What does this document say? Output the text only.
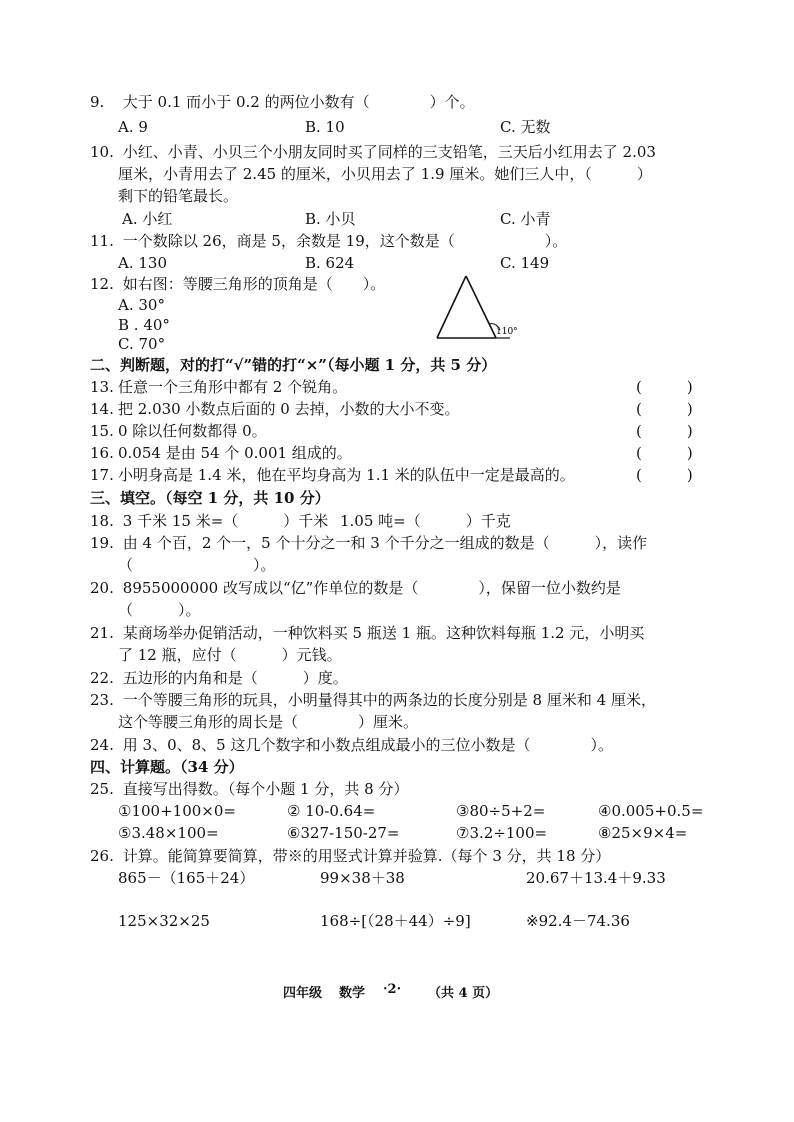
9. 大于 0.1 而小于 0.2 的两位小数有（　　　　）个。
A. 9	B. 10	C. 无数
10. 小红、小青、小贝三个小朋友同时买了同样的三支铅笔，三天后小红用去了 2.03
厘米，小青用去了 2.45 的厘米，小贝用去了 1.9 厘米。她们三人中，（　　　）
剩下的铅笔最长。
A. 小红	B. 小贝	C. 小青
11. 一个数除以 26，商是 5，余数是 19，这个数是（　　　　　　）。
A. 130	B. 624	C. 149
12. 如右图：等腰三角形的顶角是（　　）。
A. 30°
B . 40°
C. 70°
110°
二、判断题，对的打“√”错的打“×”（每小题 1 分，共 5 分）
13. 任意一个三角形中都有 2 个锐角。	(　　　)
14. 把 2.030 小数点后面的 0 去掉，小数的大小不变。	(　　　)
15. 0 除以任何数都得 0。	(　　　)
16. 0.054 是由 54 个 0.001 组成的。	(　　　)
17. 小明身高是 1.4 米，他在平均身高为 1.1 米的队伍中一定是最高的。	(　　　)
三、填空。（每空 1 分，共 10 分）
18. 3 千米 15 米=（　　　）千米 1.05 吨=（　　　）千克
19. 由 4 个百，2 个一，5 个十分之一和 3 个千分之一组成的数是（　　　），读作
（　　　　　　　　）。
20. 8955000000 改写成以“亿”作单位的数是（　　　　），保留一位小数约是
（　　　）。
21. 某商场举办促销活动，一种饮料买 5 瓶送 1 瓶。这种饮料每瓶 1.2 元，小明买
了 12 瓶，应付（　　　）元钱。
22. 五边形的内角和是（　　　）度。
23. 一个等腰三角形的玩具，小明量得其中的两条边的长度分别是 8 厘米和 4 厘米，
这个等腰三角形的周长是（　　　　）厘米。
24. 用 3、0、8、5 这几个数字和小数点组成最小的三位小数是（　　　　）。
四、计算题。（34 分）
25. 直接写出得数。（每个小题 1 分，共 8 分）
①100+100×0=	② 10-0.64=	③80÷5+2=	④0.005+0.5=
⑤3.48×100=	⑥327-150-27=	⑦3.2÷100=	⑧25×9×4=
26. 计算。能简算要简算，带※的用竖式计算并验算.（每个 3 分，共 18 分）
865－（165＋24）	99×38＋38	20.67＋13.4＋9.33
125×32×25	168÷[（28＋44）÷9]	※92.4－74.36
四年级 数学 ·2· （共 4 页）
